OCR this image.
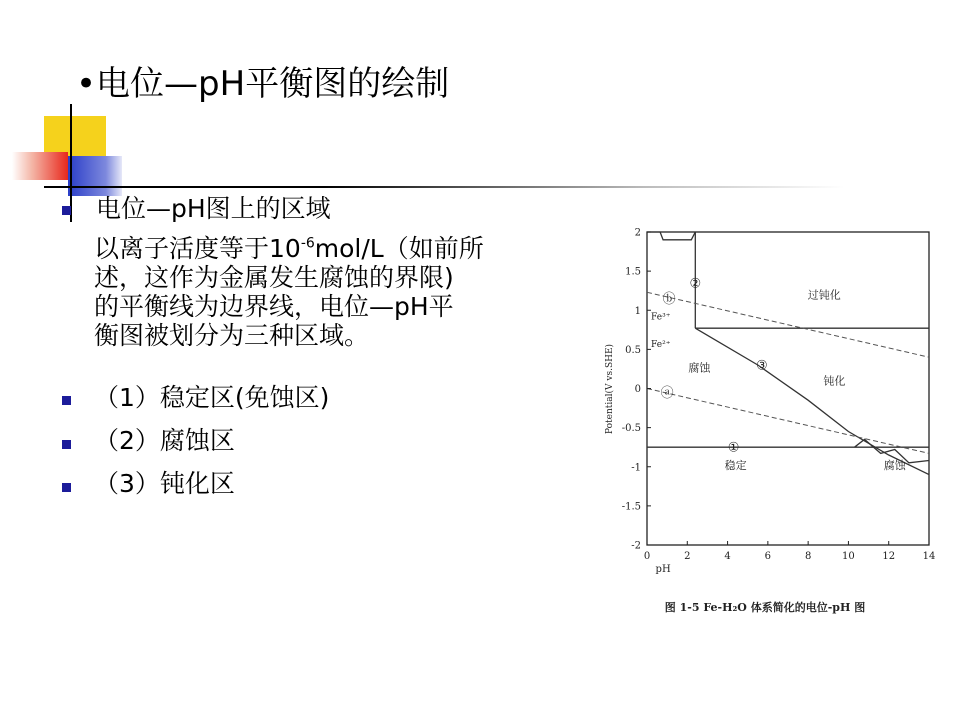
•电位—pH平衡图的绘制
电位—pH图上的区域
以离子活度等于$10^{-6}mol/L$（如前所
述，这作为金属发生腐蚀的界限)
的平衡线为边界线，电位—pH平
衡图被划分为三种区域。
（1）稳定区(免蚀区)
（2）腐蚀区
（3）钝化区
0	2	4	6	8	10	12	14
2
1.5
1
0.5
0
-0.5
-1
-1.5
-2
pH
Potential(V vs.SHE)
过钝化
腐蚀
钝化
稳定	腐蚀
Fe³⁺
Fe²⁺
①
②
③
ⓐ
ⓑ
图 1-5 Fe-H₂O 体系简化的电位-pH 图
